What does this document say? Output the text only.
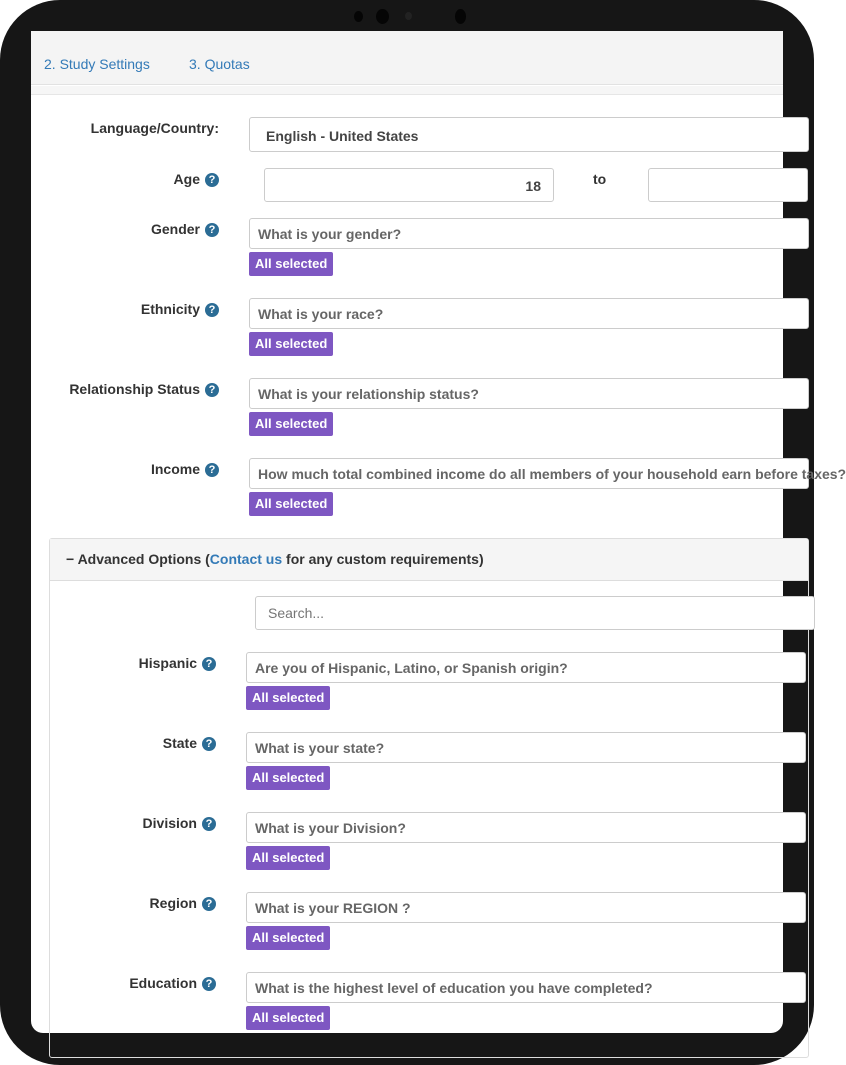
2. Study Settings	3. Quotas
Language/Country:	English - United States
Age ?	18	to
Gender ?	What is your gender?
All selected
Ethnicity ?	What is your race?
All selected
Relationship Status ?	What is your relationship status?
All selected
Income ?	How much total combined income do all members of your household earn before taxes?
All selected
− Advanced Options (Contact us for any custom requirements)
Search...
Hispanic ?	Are you of Hispanic, Latino, or Spanish origin?
All selected
State ?	What is your state?
All selected
Division ?	What is your Division?
All selected
Region ?	What is your REGION ?
All selected
Education ?	What is the highest level of education you have completed?
All selected
